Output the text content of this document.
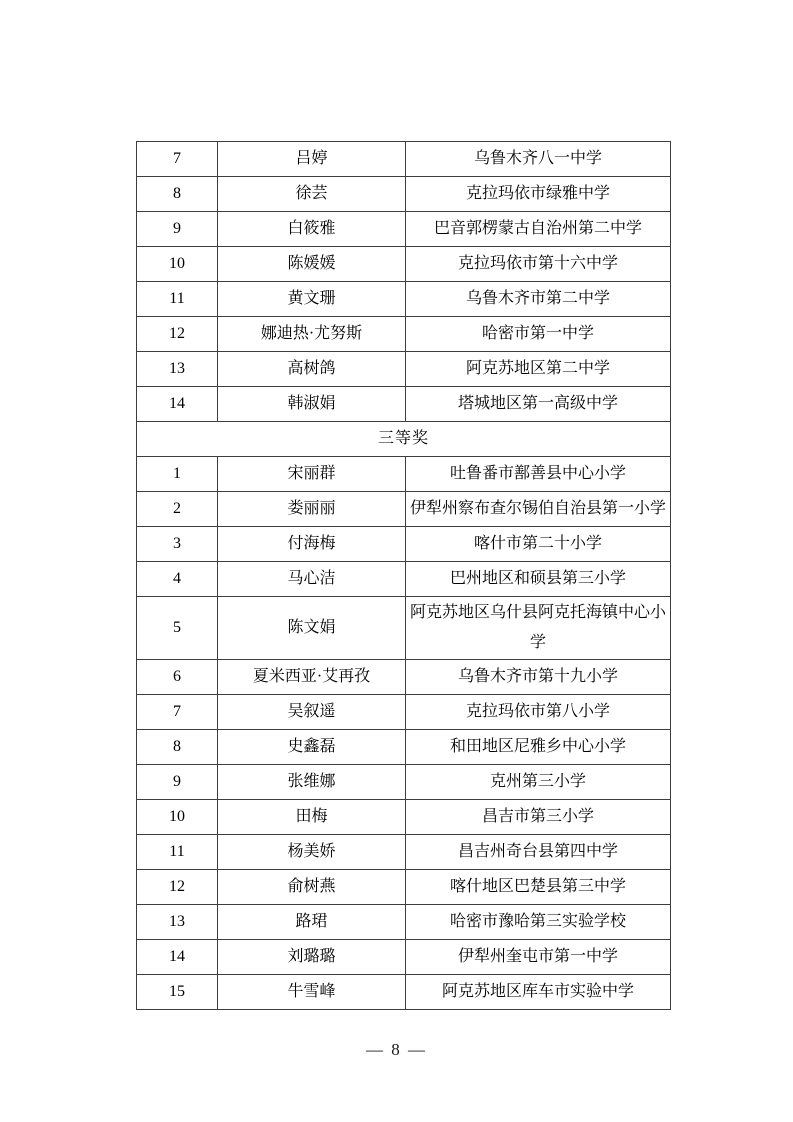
7	吕婷	乌鲁木齐八一中学
8	徐芸	克拉玛依市绿雅中学
9	白筱雅	巴音郭楞蒙古自治州第二中学
10	陈媛媛	克拉玛依市第十六中学
11	黄文珊	乌鲁木齐市第二中学
12	娜迪热·尤努斯	哈密市第一中学
13	高树鸽	阿克苏地区第二中学
14	韩淑娟	塔城地区第一高级中学
三等奖		
1	宋丽群	吐鲁番市鄯善县中心小学
2	娄丽丽	伊犁州察布查尔锡伯自治县第一小学
3	付海梅	喀什市第二十小学
4	马心洁	巴州地区和硕县第三小学
5	陈文娟	阿克苏地区乌什县阿克托海镇中心小学
6	夏米西亚·艾再孜	乌鲁木齐市第十九小学
7	吴叙遥	克拉玛依市第八小学
8	史鑫磊	和田地区尼雅乡中心小学
9	张维娜	克州第三小学
10	田梅	昌吉市第三小学
11	杨美娇	昌吉州奇台县第四中学
12	俞树燕	喀什地区巴楚县第三中学
13	路珺	哈密市豫哈第三实验学校
14	刘璐璐	伊犁州奎屯市第一中学
15	牛雪峰	阿克苏地区库车市实验中学
— 8 —
